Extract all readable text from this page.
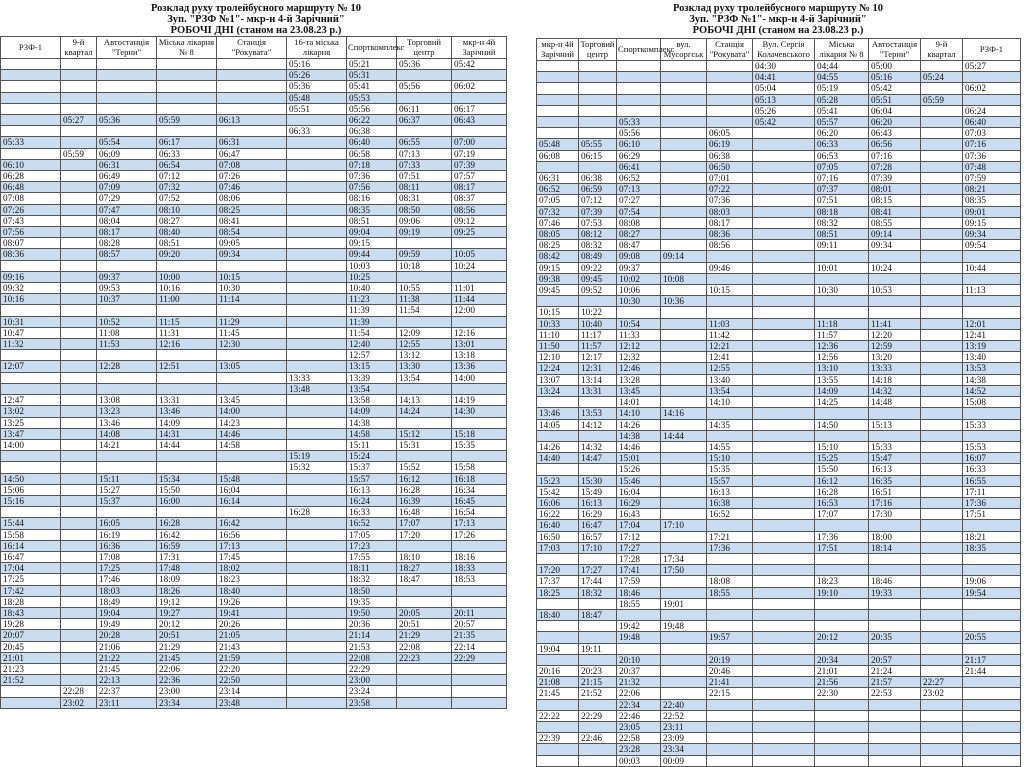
Розклад руху тролейбусного маршруту № 10
Зуп. "РЗФ №1"- мкр-н 4-й Зарічний"
РОБОЧІ ДНІ (станом на 23.08.23 р.)
РЗФ-1	9-й квартал	Автостанція "Терни"	Міська лікарня № 8	Станція "Рокувата"	16-та міська лікарня	Спорткомплекс	Торговий центр	мкр-н 4й Зарічний
					05:16	05:21	05:36	05:42
					05:26	05:31		
					05:36	05:41	05:56	06:02
					05:48	05:53		
					05:51	05:56	06:11	06:17
	05:27	05:36	05:59	06:13		06:22	06:37	06:43
					06:33	06:38		
05:33		05:54	06:17	06:31		06:40	06:55	07:00
	05:59	06:09	06:33	06:47		06:58	07:13	07:19
06:10		06:31	06:54	07:08		07:18	07:33	07:39
06:28		06:49	07:12	07:26		07:36	07:51	07:57
06:48		07:09	07:32	07:46		07:56	08:11	08:17
07:08		07:29	07:52	08:06		08:16	08:31	08:37
07:26		07:47	08:10	08:25		08:35	08:50	08:56
07:43		08:04	08:27	08:41		08:51	09:06	09:12
07:56		08:17	08:40	08:54		09:04	09:19	09:25
08:07		08:28	08:51	09:05		09:15		
08:36		08:57	09:20	09:34		09:44	09:59	10:05
						10:03	10:18	10:24
09:16		09:37	10:00	10:15		10:25		
09:32		09:53	10:16	10:30		10:40	10:55	11:01
10:16		10:37	11:00	11:14		11:23	11:38	11:44
						11:39	11:54	12:00
10:31		10:52	11:15	11:29		11:39		
10:47		11:08	11:31	11:45		11:54	12:09	12:16
11:32		11:53	12:16	12:30		12:40	12:55	13:01
						12:57	13:12	13:18
12:07		12:28	12:51	13:05		13:15	13:30	13:36
					13:33	13:39	13:54	14:00
					13:48	13:54		
12:47		13:08	13:31	13:45		13:58	14:13	14:19
13:02		13:23	13:46	14:00		14:09	14:24	14:30
13:25		13:46	14:09	14:23		14:38		
13:47		14:08	14:31	14:46		14:58	15:12	15:18
14:00		14:21	14:44	14:58		15:11	15:31	15:35
					15:19	15:24		
					15:32	15:37	15:52	15:58
14:50		15:11	15:34	15:48		15:57	16:12	16:18
15:06		15:27	15:50	16:04		16:13	16:28	16:34
15:16		15:37	16:00	16:14		16:24	16:39	16:45
					16:28	16:33	16:48	16:54
15:44		16:05	16:28	16:42		16:52	17:07	17:13
15:58		16:19	16:42	16:56		17:05	17:20	17:26
16:14		16:36	16:59	17:13		17:23		
16:47		17:08	17:31	17:45		17:55	18:10	18:16
17:04		17:25	17:48	18:02		18:11	18:27	18:33
17:25		17:46	18:09	18:23		18:32	18:47	18:53
17:42		18:03	18:26	18:40		18:50		
18:28		18:49	19:12	19:26		19:35		
18:43		19:04	19:27	19:41		19:50	20:05	20:11
19:28		19:49	20:12	20:26		20:36	20:51	20:57
20:07		20:28	20:51	21:05		21:14	21:29	21:35
20:45		21:06	21:29	21:43		21:53	22:08	22:14
21:01		21:22	21:45	21:59		22:08	22:23	22:29
21:23		21:45	22:06	22:20		22:29		
21:52		22:13	22:36	22:50		23:00		
	22:28	22:37	23:00	23:14		23:24		
	23:02	23:11	23:34	23:48		23:58		
Розклад руху тролейбусного маршруту № 10
Зуп. "РЗФ №1"- мкр-н 4-й Зарічний"
РОБОЧІ ДНІ (станом на 23.08.23 р.)
мкр-н 4й Зарічний	Торговий центр	Спорткомплекс	вул. Мусоргськ	Станція "Рокувата"	Вул. Сергія Колачевського	Міська лікарня № 8	Автостанція "Терни"	9-й квартал	РЗФ-1
					04:30	04:44	05:00		05:27
					04:41	04:55	05:16	05:24	
					05:04	05:19	05:42		06:02
					05:13	05:28	05:51	05:59	
					05:26	05:41	06:04		06:24
		05:33			05:42	05:57	06:20		06:40
		05:56		06:05		06:20	06:43		07:03
05:48	05:55	06:10		06:19		06:33	06:56		07:16
06:08	06:15	06:29		06:38		06:53	07:16		07:36
		06:41		06:50		07:05	07:28		07:48
06:31	06:38	06:52		07:01		07:16	07:39		07:59
06:52	06:59	07:13		07:22		07:37	08:01		08:21
07:05	07:12	07:27		07:36		07:51	08:15		08:35
07:32	07:39	07:54		08:03		08:18	08:41		09:01
07:46	07:53	08:08		08:17		08:32	08:55		09:15
08:05	08:12	08:27		08:36		08:51	09:14		09:34
08:25	08:32	08:47		08:56		09:11	09:34		09:54
08:42	08:49	09:08	09:14						
09:15	09:22	09:37		09:46		10:01	10:24		10:44
09:38	09:45	10:02	10:08						
09:45	09:52	10:06		10:15		10:30	10:53		11:13
		10:30	10:36						
10:15	10:22								
10:33	10:40	10:54		11:03		11:18	11:41		12:01
11:10	11:17	11:33		11:42		11:57	12:20		12:41
11:50	11:57	12:12		12:21		12:36	12:59		13:19
12:10	12:17	12:32		12:41		12:56	13:20		13:40
12:24	12:31	12:46		12:55		13:10	13:33		13:53
13:07	13:14	13:28		13:40		13:55	14:18		14:38
13:24	13:31	13:45		13:54		14:09	14:32		14:52
		14:01		14:10		14:25	14:48		15:08
13:46	13:53	14:10	14:16						
14:05	14:12	14:26		14:35		14:50	15:13		15:33
		14:38	14:44						
14:26	14:32	14:46		14:55		15:10	15:33		15:53
14:40	14:47	15:01		15:10		15:25	15:47		16:07
		15:26		15:35		15:50	16:13		16:33
15:23	15:30	15:46		15:57		16:12	16:35		16:55
15:42	15:49	16:04		16:13		16:28	16:51		17:11
16:06	16:13	16:29		16:38		16:53	17:16		17:36
16:22	16:29	16:43		16:52		17:07	17:30		17:51
16:40	16:47	17:04	17:10						
16:50	16:57	17:12		17:21		17:36	18:00		18:21
17:03	17:10	17:27		17:36		17:51	18:14		18:35
		17:28	17:34						
17:20	17:27	17:41	17:50						
17:37	17:44	17:59		18:08		18:23	18:46		19:06
18:25	18:32	18:46		18:55		19:10	19:33		19:54
		18:55	19:01						
18:40	18:47								
		19:42	19:48						
		19:48		19:57		20:12	20:35		20:55
19:04	19:11								
		20:10		20:19		20:34	20:57		21:17
20:16	20:23	20:37		20:46		21:01	21:24		21:44
21:08	21:15	21:32		21:41		21:56	21:57	22:27	
21:45	21:52	22:06		22:15		22:30	22:53	23:02	
		22:34	22:40						
22:22	22:29	22:46	22:52						
		23:05	23:11						
22:39	22:46	22:58	23:09						
		23:28	23:34						
		00:03	00:09						
